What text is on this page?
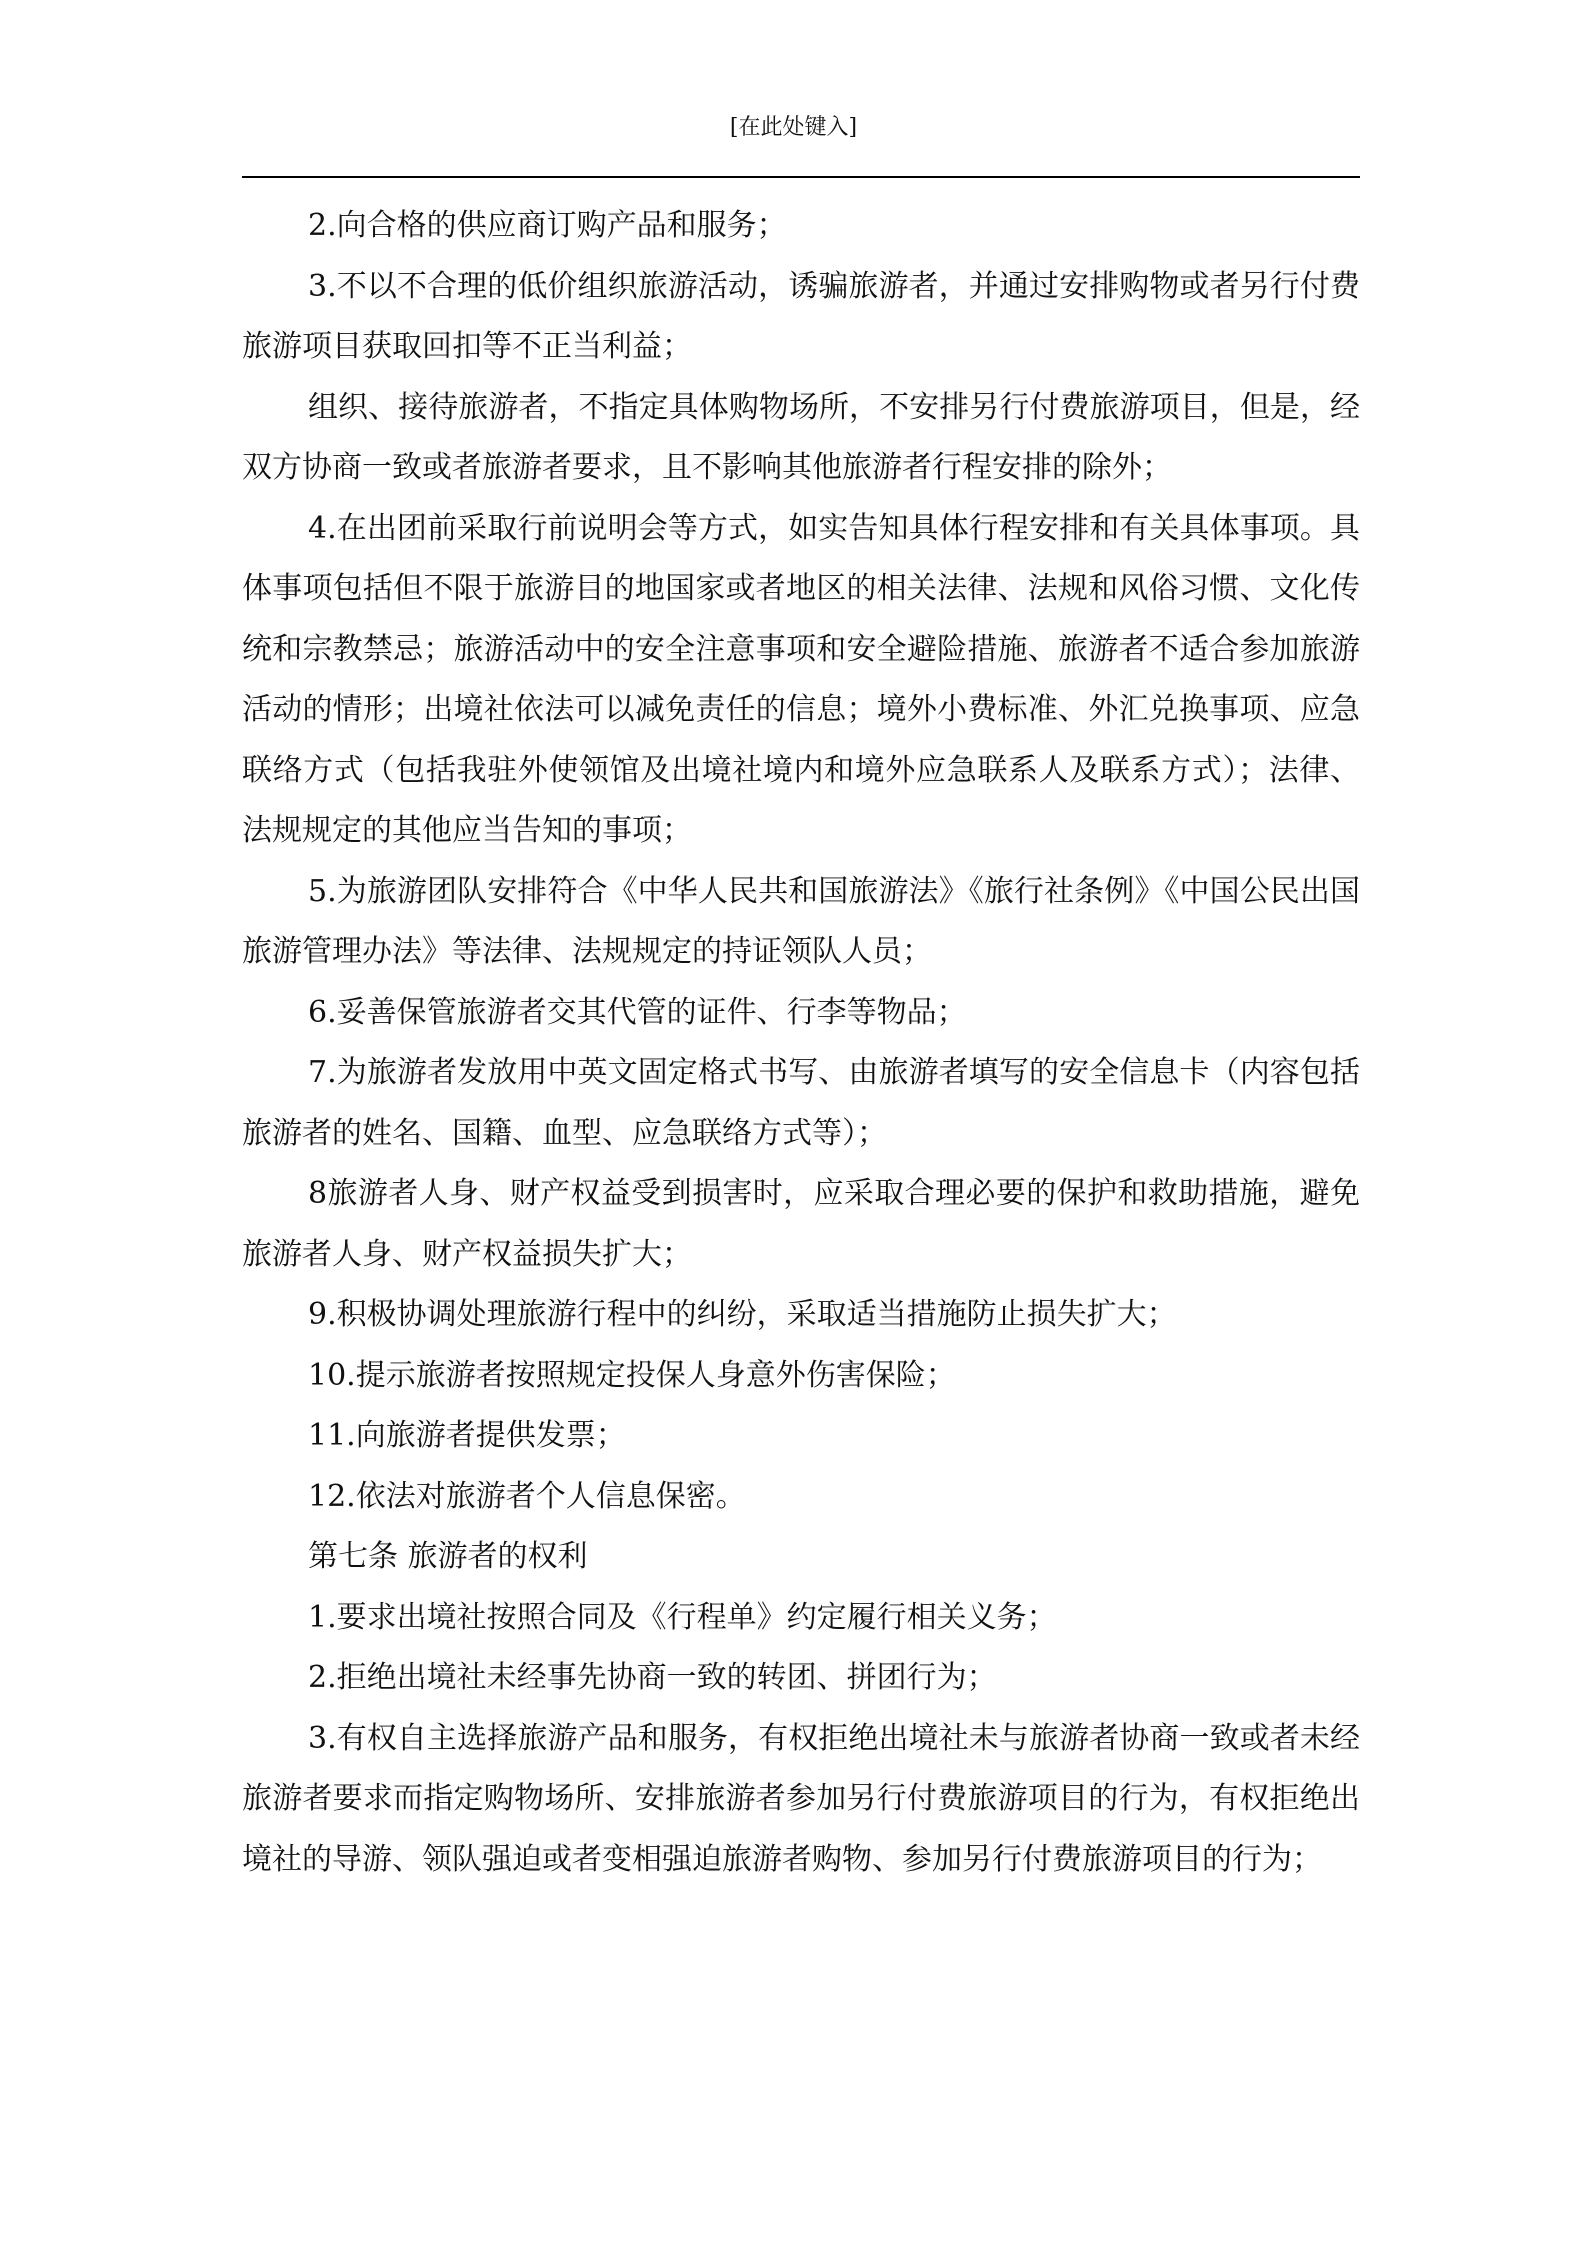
[在此处键入]

2.向合格的供应商订购产品和服务；

3.不以不合理的低价组织旅游活动，诱骗旅游者，并通过安排购物或者另行付费旅游项目获取回扣等不正当利益；

组织、接待旅游者，不指定具体购物场所，不安排另行付费旅游项目，但是，经双方协商一致或者旅游者要求，且不影响其他旅游者行程安排的除外；

4.在出团前采取行前说明会等方式，如实告知具体行程安排和有关具体事项。具体事项包括但不限于旅游目的地国家或者地区的相关法律、法规和风俗习惯、文化传统和宗教禁忌；旅游活动中的安全注意事项和安全避险措施、旅游者不适合参加旅游活动的情形；出境社依法可以减免责任的信息；境外小费标准、外汇兑换事项、应急联络方式（包括我驻外使领馆及出境社境内和境外应急联系人及联系方式）；法律、法规规定的其他应当告知的事项；

5.为旅游团队安排符合《中华人民共和国旅游法》《旅行社条例》《中国公民出国旅游管理办法》等法律、法规规定的持证领队人员；

6.妥善保管旅游者交其代管的证件、行李等物品；

7.为旅游者发放用中英文固定格式书写、由旅游者填写的安全信息卡（内容包括旅游者的姓名、国籍、血型、应急联络方式等）；

8旅游者人身、财产权益受到损害时，应采取合理必要的保护和救助措施，避免旅游者人身、财产权益损失扩大；

9.积极协调处理旅游行程中的纠纷，采取适当措施防止损失扩大；

10.提示旅游者按照规定投保人身意外伤害保险；

11.向旅游者提供发票；

12.依法对旅游者个人信息保密。

第七条 旅游者的权利

1.要求出境社按照合同及《行程单》约定履行相关义务；

2.拒绝出境社未经事先协商一致的转团、拼团行为；

3.有权自主选择旅游产品和服务，有权拒绝出境社未与旅游者协商一致或者未经旅游者要求而指定购物场所、安排旅游者参加另行付费旅游项目的行为，有权拒绝出境社的导游、领队强迫或者变相强迫旅游者购物、参加另行付费旅游项目的行为；
